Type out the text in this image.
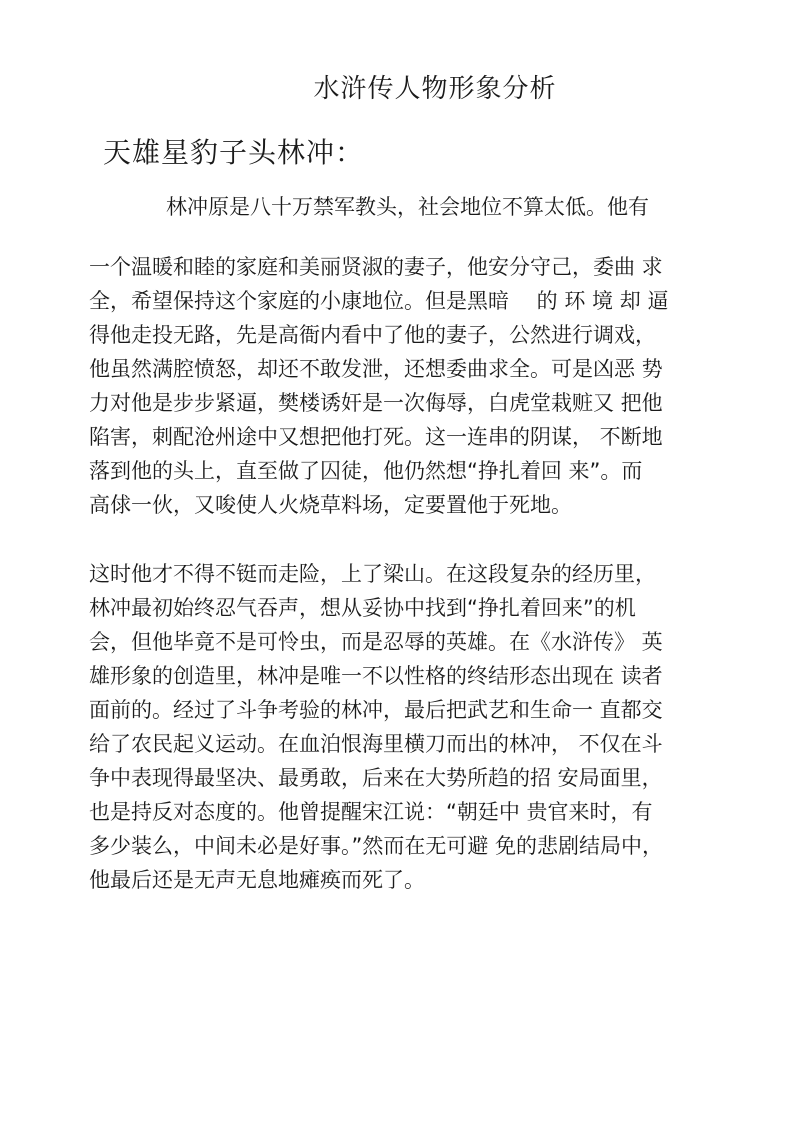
水浒传人物形象分析
天雄星豹子头林冲：
林冲原是八十万禁军教头，社会地位不算太低。他有
一个温暖和睦的家庭和美丽贤淑的妻子，他安分守己，委曲 求
全，希望保持这个家庭的小康地位。但是黑暗 　的 环 境 却 逼
得他走投无路，先是高衙内看中了他的妻子，公然进行调戏，
他虽然满腔愤怒，却还不敢发泄，还想委曲求全。可是凶恶 势
力对他是步步紧逼，樊楼诱奸是一次侮辱，白虎堂栽赃又 把他
陷害，刺配沧州途中又想把他打死。这一连串的阴谋， 不断地
落到他的头上，直至做了囚徒，他仍然想“挣扎着回 来”。而
高俅一伙，又唆使人火烧草料场，定要置他于死地。
这时他才不得不铤而走险，上了梁山。在这段复杂的经历里，
林冲最初始终忍气吞声，想从妥协中找到“挣扎着回来”的机
会，但他毕竟不是可怜虫，而是忍辱的英雄。在《水浒传》 英
雄形象的创造里，林冲是唯一不以性格的终结形态出现在 读者
面前的。经过了斗争考验的林冲，最后把武艺和生命一 直都交
给了农民起义运动。在血泊恨海里横刀而出的林冲， 不仅在斗
争中表现得最坚决、最勇敢，后来在大势所趋的招 安局面里，
也是持反对态度的。他曾提醒宋江说：“朝廷中 贵官来时，有
多少装么，中间未必是好事。”然而在无可避 免的悲剧结局中，
他最后还是无声无息地瘫痪而死了。
